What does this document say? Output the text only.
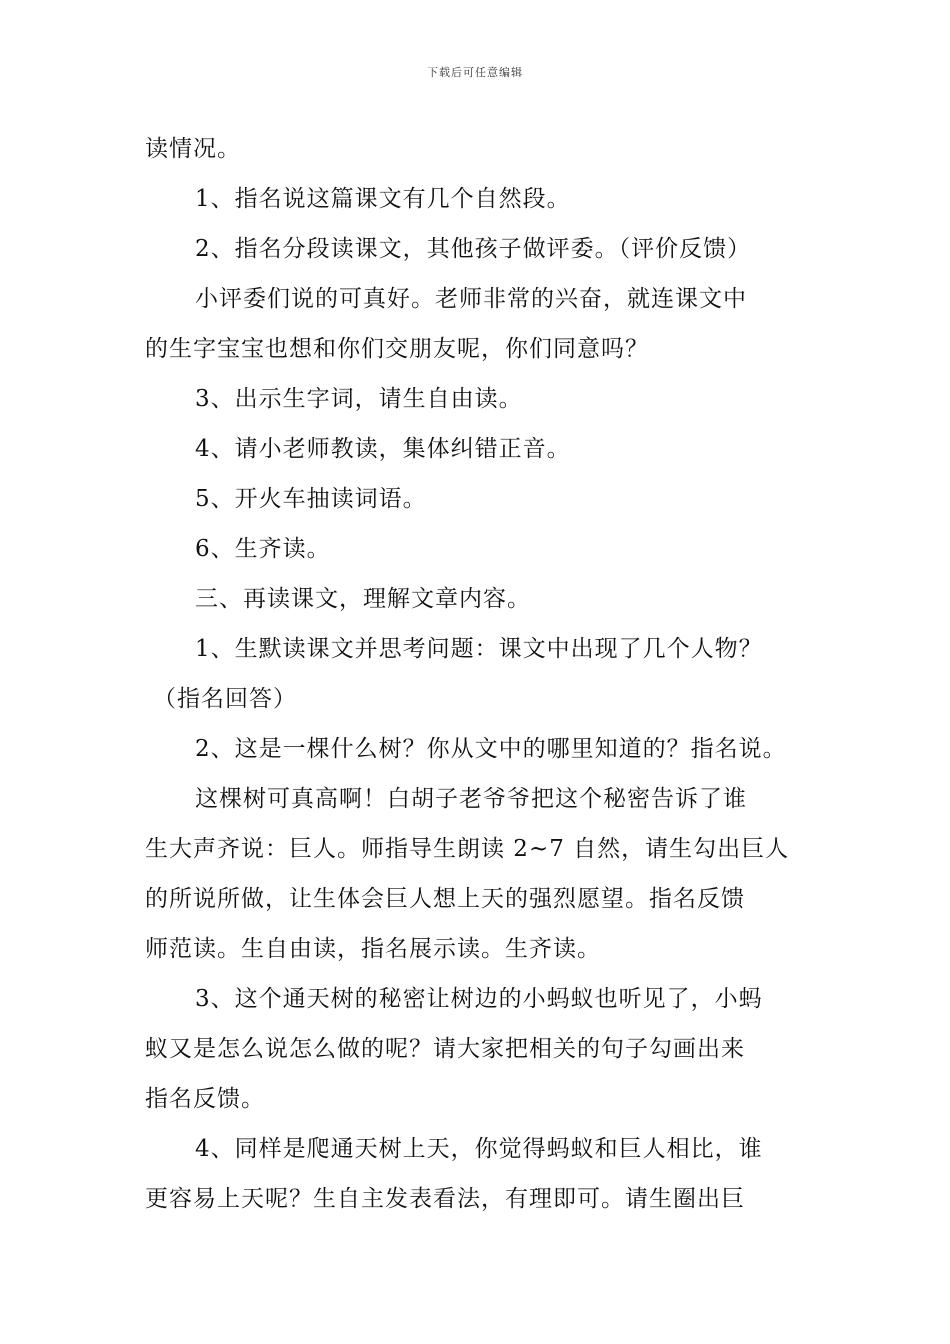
下载后可任意编辑
读情况。
1、指名说这篇课文有几个自然段。
2、指名分段读课文，其他孩子做评委。（评价反馈）
小评委们说的可真好。老师非常的兴奋，就连课文中
的生字宝宝也想和你们交朋友呢，你们同意吗？
3、出示生字词，请生自由读。
4、请小老师教读，集体纠错正音。
5、开火车抽读词语。
6、生齐读。
三、再读课文，理解文章内容。
1、生默读课文并思考问题：课文中出现了几个人物？
（指名回答）
2、这是一棵什么树？你从文中的哪里知道的？指名说。
这棵树可真高啊！白胡子老爷爷把这个秘密告诉了谁
生大声齐说：巨人。师指导生朗读 2~7 自然，请生勾出巨人
的所说所做，让生体会巨人想上天的强烈愿望。指名反馈
师范读。生自由读，指名展示读。生齐读。
3、这个通天树的秘密让树边的小蚂蚁也听见了，小蚂
蚁又是怎么说怎么做的呢？请大家把相关的句子勾画出来
指名反馈。
4、同样是爬通天树上天，你觉得蚂蚁和巨人相比，谁
更容易上天呢？生自主发表看法，有理即可。请生圈出巨
